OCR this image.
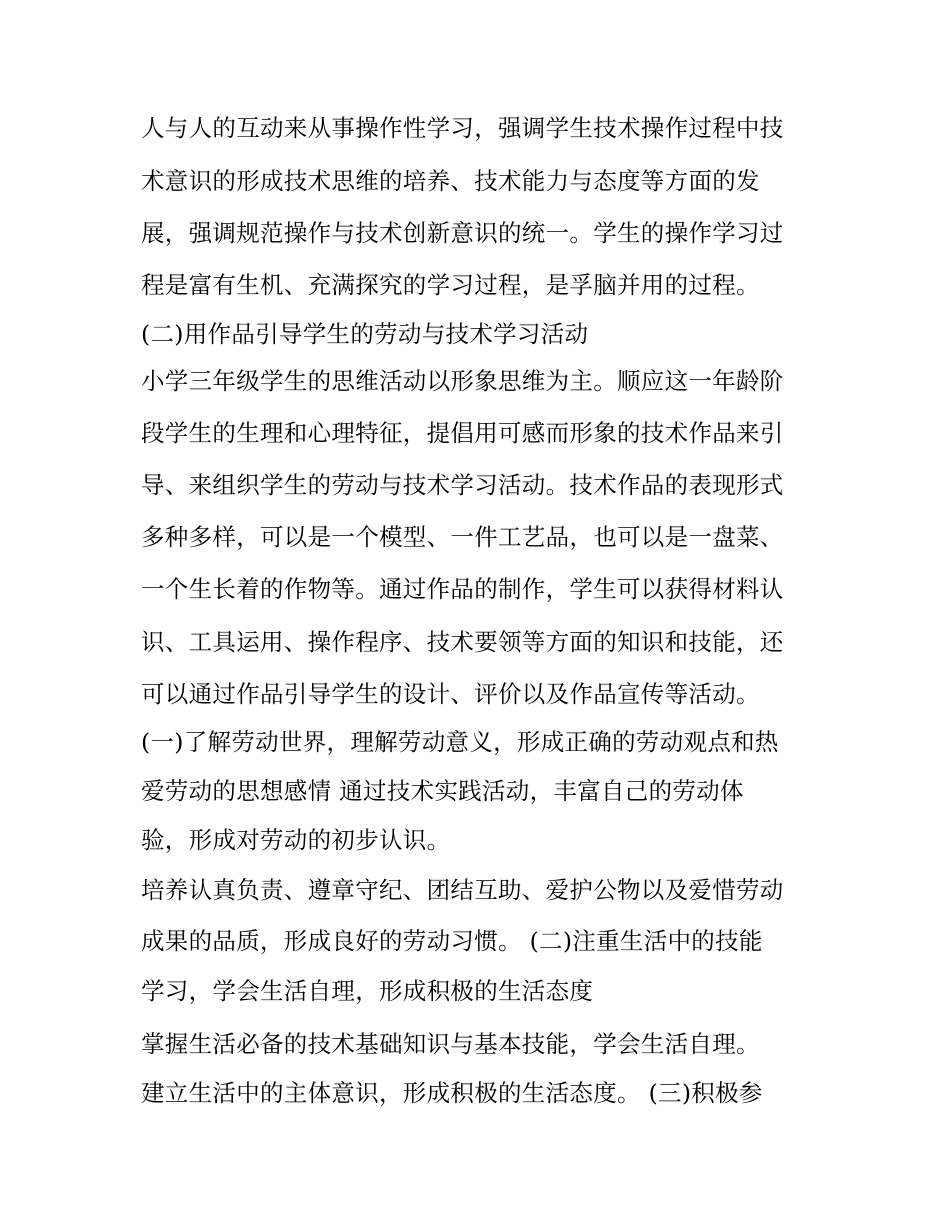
人与人的互动来从事操作性学习，强调学生技术操作过程中技
术意识的形成技术思维的培养、技术能力与态度等方面的发
展，强调规范操作与技术创新意识的统一。学生的操作学习过
程是富有生机、充满探究的学习过程，是孚脑并用的过程。
(二)用作品引导学生的劳动与技术学习活动
小学三年级学生的思维活动以形象思维为主。顺应这一年龄阶
段学生的生理和心理特征，提倡用可感而形象的技术作品来引
导、来组织学生的劳动与技术学习活动。技术作品的表现形式
多种多样，可以是一个模型、一件工艺品，也可以是一盘菜、
一个生长着的作物等。通过作品的制作，学生可以获得材料认
识、工具运用、操作程序、技术要领等方面的知识和技能，还
可以通过作品引导学生的设计、评价以及作品宣传等活动。
(一)了解劳动世界，理解劳动意义，形成正确的劳动观点和热
爱劳动的思想感情 通过技术实践活动，丰富自己的劳动体
验，形成对劳动的初步认识。
培养认真负责、遵章守纪、团结互助、爱护公物以及爱惜劳动
成果的品质，形成良好的劳动习惯。 (二)注重生活中的技能
学习，学会生活自理，形成积极的生活态度
掌握生活必备的技术基础知识与基本技能，学会生活自理。
建立生活中的主体意识，形成积极的生活态度。 (三)积极参
